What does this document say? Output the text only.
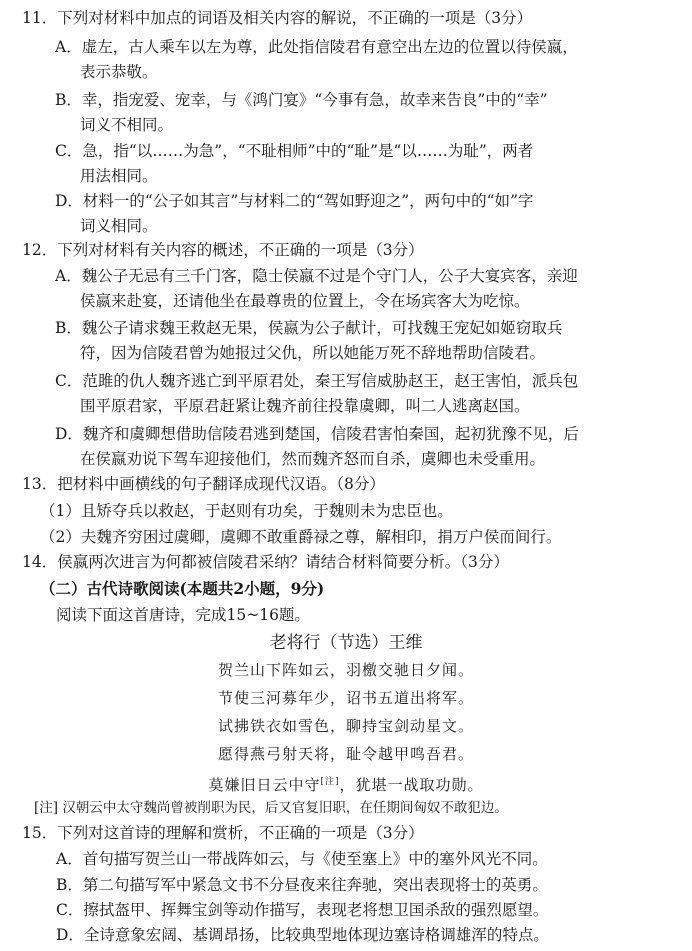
11．下列对材料中加点的词语及相关内容的解说，不正确的一项是（3分）
A．虚左，古人乘车以左为尊，此处指信陵君有意空出左边的位置以待侯嬴，
表示恭敬。
B．幸，指宠爱、宠幸，与《鸿门宴》“今事有急，故幸来告良”中的“幸”
词义不相同。
C．急，指“以……为急”，“不耻相师”中的“耻”是“以……为耻”，两者
用法相同。
D．材料一的“公子如其言”与材料二的“驾如野迎之”，两句中的“如”字
词义相同。
12．下列对材料有关内容的概述，不正确的一项是（3分）
A．魏公子无忌有三千门客，隐士侯嬴不过是个守门人，公子大宴宾客，亲迎
侯嬴来赴宴，还请他坐在最尊贵的位置上，令在场宾客大为吃惊。
B．魏公子请求魏王救赵无果，侯嬴为公子献计，可找魏王宠妃如姬窃取兵
符，因为信陵君曾为她报过父仇，所以她能万死不辞地帮助信陵君。
C．范雎的仇人魏齐逃亡到平原君处，秦王写信威胁赵王，赵王害怕，派兵包
围平原君家，平原君赶紧让魏齐前往投靠虞卿，叫二人逃离赵国。
D．魏齐和虞卿想借助信陵君逃到楚国，信陵君害怕秦国，起初犹豫不见，后
在侯嬴劝说下驾车迎接他们，然而魏齐怒而自杀，虞卿也未受重用。
13．把材料中画横线的句子翻译成现代汉语。（8分）
（1）且矫夺兵以救赵，于赵则有功矣，于魏则未为忠臣也。
（2）夫魏齐穷困过虞卿，虞卿不敢重爵禄之尊，解相印，捐万户侯而间行。
14．侯嬴两次进言为何都被信陵君采纳？请结合材料简要分析。（3分）
（二）古代诗歌阅读(本题共2小题，9分)
阅读下面这首唐诗，完成15~16题。
老将行（节选）王维
贺兰山下阵如云，羽檄交驰日夕闻。
节使三河募年少，诏书五道出将军。
试拂铁衣如雪色，聊持宝剑动星文。
愿得燕弓射天将，耻令越甲鸣吾君。
莫嫌旧日云中守[注]，犹堪一战取功勋。
[注] 汉朝云中太守魏尚曾被削职为民，后又官复旧职，在任期间匈奴不敢犯边。
15．下列对这首诗的理解和赏析，不正确的一项是（3分）
A．首句描写贺兰山一带战阵如云，与《使至塞上》中的塞外风光不同。
B．第二句描写军中紧急文书不分昼夜来往奔驰，突出表现将士的英勇。
C．擦拭盔甲、挥舞宝剑等动作描写，表现老将想卫国杀敌的强烈愿望。
D．全诗意象宏阔、基调昂扬，比较典型地体现边塞诗格调雄浑的特点。
